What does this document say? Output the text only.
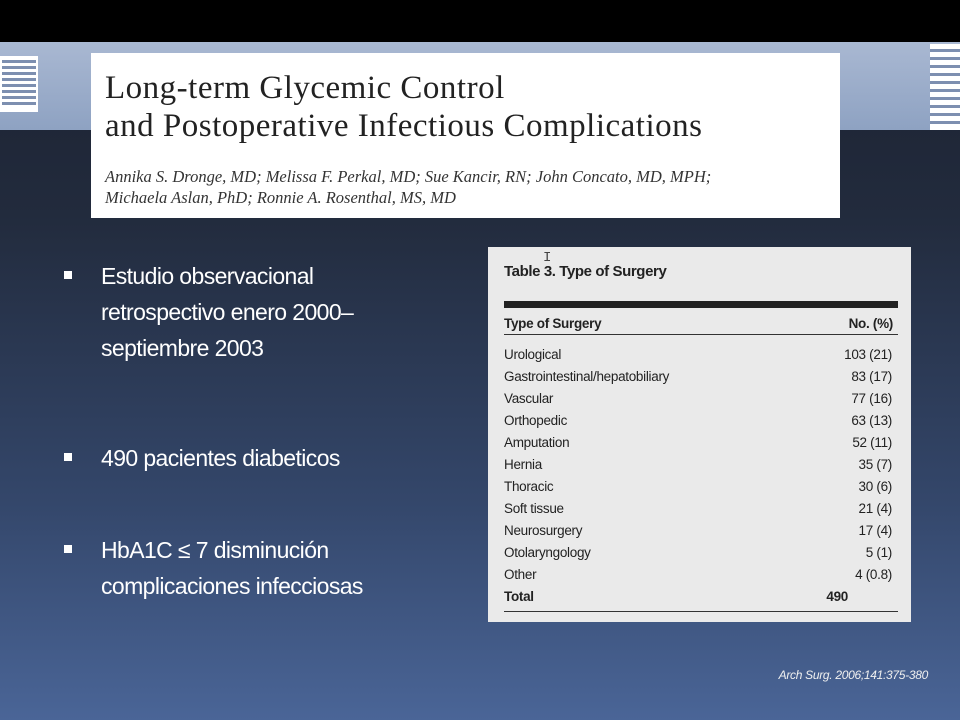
Long-term Glycemic Control
and Postoperative Infectious Complications
Annika S. Dronge, MD; Melissa F. Perkal, MD; Sue Kancir, RN; John Concato, MD, MPH;
Michaela Aslan, PhD; Ronnie A. Rosenthal, MS, MD
Estudio observacional
retrospectivo enero 2000–
septiembre 2003
490 pacientes diabeticos
HbA1C ≤ 7 disminución
complicaciones infecciosas
Table 3. Type of Surgery
I
Type of Surgery	No. (%)
Urological	103 (21)
Gastrointestinal/hepatobiliary	83 (17)
Vascular	77 (16)
Orthopedic	63 (13)
Amputation	52 (11)
Hernia	35 (7)
Thoracic	30 (6)
Soft tissue	21 (4)
Neurosurgery	17 (4)
Otolaryngology	5 (1)
Other	4 (0.8)
Total	490
Arch Surg. 2006;141:375-380
